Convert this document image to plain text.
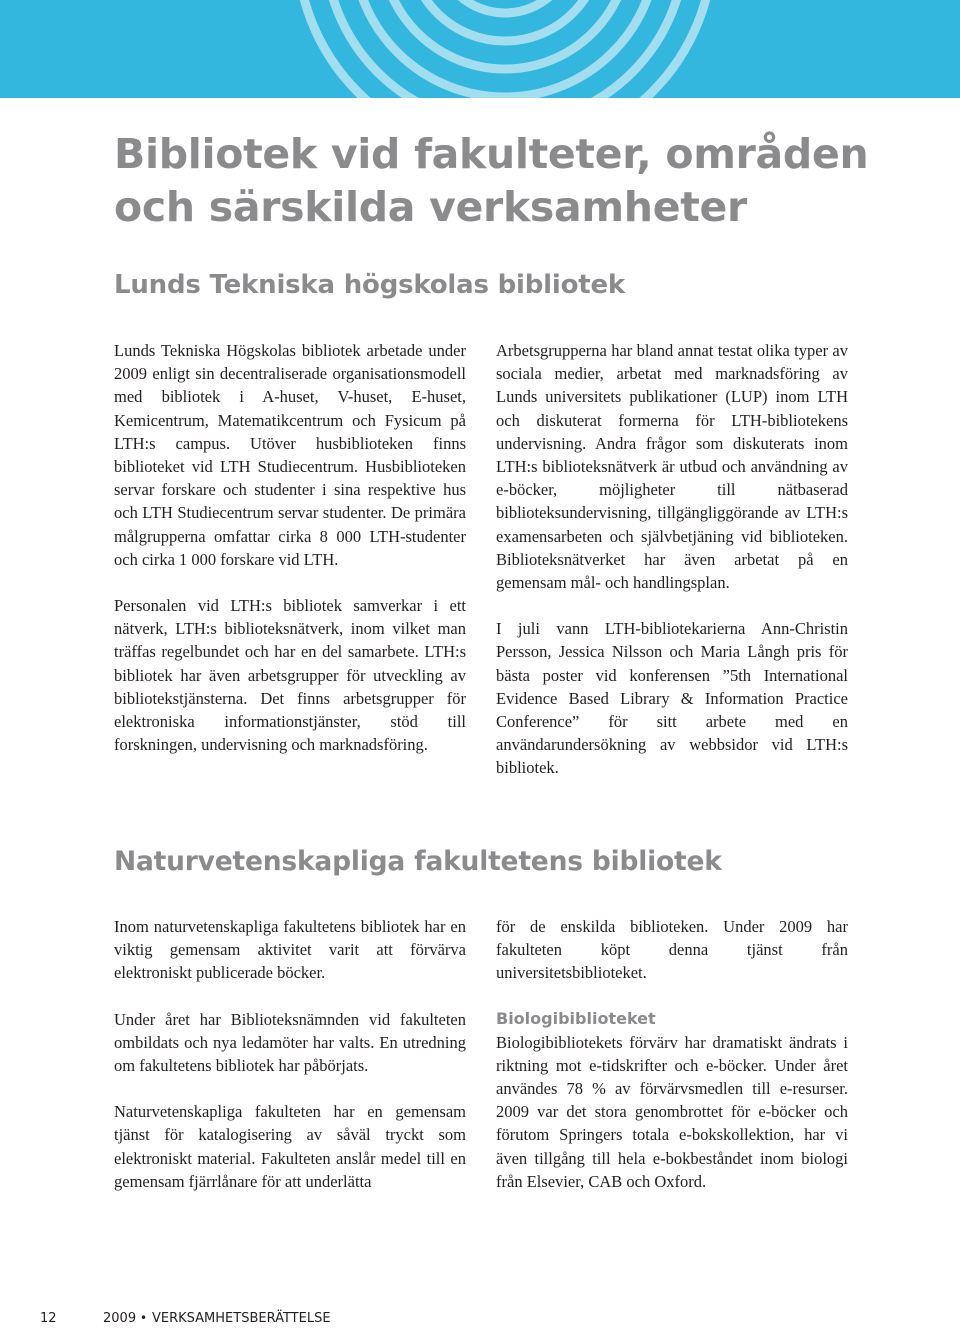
Bibliotek vid fakulteter, områden
och särskilda verksamheter
Lunds Tekniska högskolas bibliotek

Lunds Tekniska Högskolas bibliotek arbetade under 2009 enligt sin decentraliserade organisationsmodell med bibliotek i A-huset, V-huset, E-huset, Kemicentrum, Matematikcentrum och Fysicum på LTH:s campus. Utöver husbiblioteken finns biblioteket vid LTH Studiecentrum. Husbiblioteken servar forskare och studenter i sina respektive hus och LTH Studiecentrum servar studenter. De primära målgrupperna omfattar cirka 8 000 LTH-studenter och cirka 1 000 forskare vid LTH.

Personalen vid LTH:s bibliotek samverkar i ett nätverk, LTH:s biblioteksnätverk, inom vilket man träffas regelbundet och har en del samarbete. LTH:s bibliotek har även arbetsgrupper för utveckling av bibliotekstjänsterna. Det finns arbetsgrupper för elektroniska informationstjänster, stöd till forskningen, undervisning och marknadsföring.

Arbetsgrupperna har bland annat testat olika typer av sociala medier, arbetat med marknadsföring av Lunds universitets publikationer (LUP) inom LTH och diskuterat formerna för LTH-bibliotekens undervisning. Andra frågor som diskuterats inom LTH:s biblioteksnätverk är utbud och användning av e-böcker, möjligheter till nätbaserad biblioteksundervisning, tillgängliggörande av LTH:s examensarbeten och självbetjäning vid biblioteken. Biblioteksnätverket har även arbetat på en gemensam mål- och handlingsplan.

I juli vann LTH-bibliotekarierna Ann-Christin Persson, Jessica Nilsson och Maria Långh pris för bästa poster vid konferensen ”5th International Evidence Based Library & Information Practice Conference” för sitt arbete med en användarundersökning av webbsidor vid LTH:s bibliotek.

Naturvetenskapliga fakultetens bibliotek

Inom naturvetenskapliga fakultetens bibliotek har en viktig gemensam aktivitet varit att förvärva elektroniskt publicerade böcker.

Under året har Biblioteksnämnden vid fakulteten ombildats och nya ledamöter har valts. En utredning om fakultetens bibliotek har påbörjats.

Naturvetenskapliga fakulteten har en gemensam tjänst för katalogisering av såväl tryckt som elektroniskt material. Fakulteten anslår medel till en gemensam fjärrlånare för att underlätta

för de enskilda biblioteken. Under 2009 har fakulteten köpt denna tjänst från universitetsbiblioteket.

Biologibiblioteket

Biologibibliotekets förvärv har dramatiskt ändrats i riktning mot e-tidskrifter och e-böcker. Under året användes 78 % av förvärvsmedlen till e-resurser. 2009 var det stora genombrottet för e-böcker och förutom Springers totala e-bokskollektion, har vi även tillgång till hela e-bokbeståndet inom biologi från Elsevier, CAB och Oxford.

12	2009 • VERKSAMHETSBERÄTTELSE
